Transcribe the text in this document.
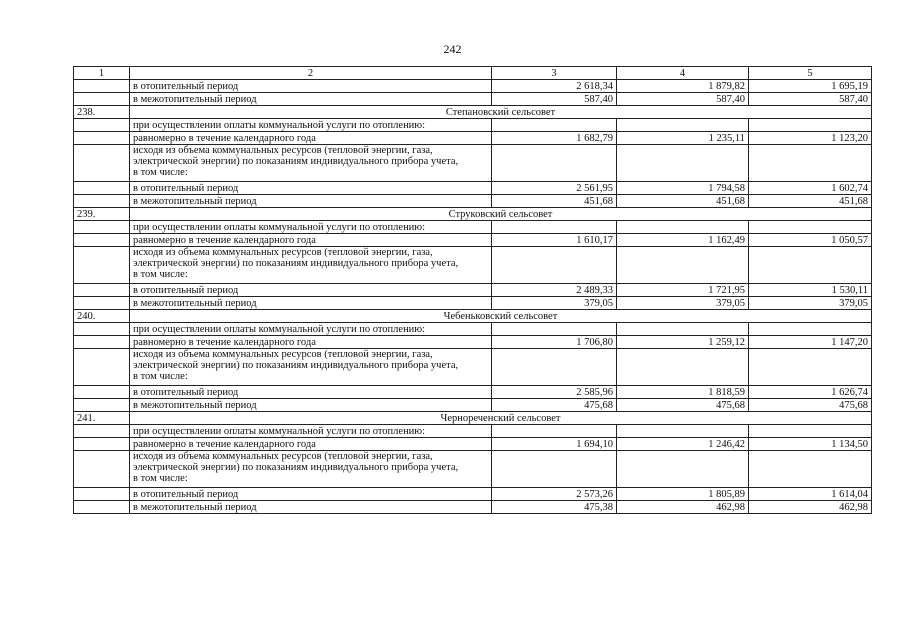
242
1	2	3	4	5
	в отопительный период	2 618,34	1 879,82	1 695,19
	в межотопительный период	587,40	587,40	587,40
238.	Степановский сельсовет			
	при осуществлении оплаты коммунальной услуги по отоплению:			
	равномерно в течение календарного года	1 682,79	1 235,11	1 123,20
	исходя из объема коммунальных ресурсов (тепловой энергии, газа, электрической энергии) по показаниям индивидуального прибора учета, в том числе:			
	в отопительный период	2 561,95	1 794,58	1 602,74
	в межотопительный период	451,68	451,68	451,68
239.	Струковский сельсовет			
	при осуществлении оплаты коммунальной услуги по отоплению:			
	равномерно в течение календарного года	1 610,17	1 162,49	1 050,57
	исходя из объема коммунальных ресурсов (тепловой энергии, газа, электрической энергии) по показаниям индивидуального прибора учета, в том числе:			
	в отопительный период	2 489,33	1 721,95	1 530,11
	в межотопительный период	379,05	379,05	379,05
240.	Чебеньковский сельсовет			
	при осуществлении оплаты коммунальной услуги по отоплению:			
	равномерно в течение календарного года	1 706,80	1 259,12	1 147,20
	исходя из объема коммунальных ресурсов (тепловой энергии, газа, электрической энергии) по показаниям индивидуального прибора учета, в том числе:			
	в отопительный период	2 585,96	1 818,59	1 626,74
	в межотопительный период	475,68	475,68	475,68
241.	Чернореченский сельсовет			
	при осуществлении оплаты коммунальной услуги по отоплению:			
	равномерно в течение календарного года	1 694,10	1 246,42	1 134,50
	исходя из объема коммунальных ресурсов (тепловой энергии, газа, электрической энергии) по показаниям индивидуального прибора учета, в том числе:			
	в отопительный период	2 573,26	1 805,89	1 614,04
	в межотопительный период	475,38	462,98	462,98
